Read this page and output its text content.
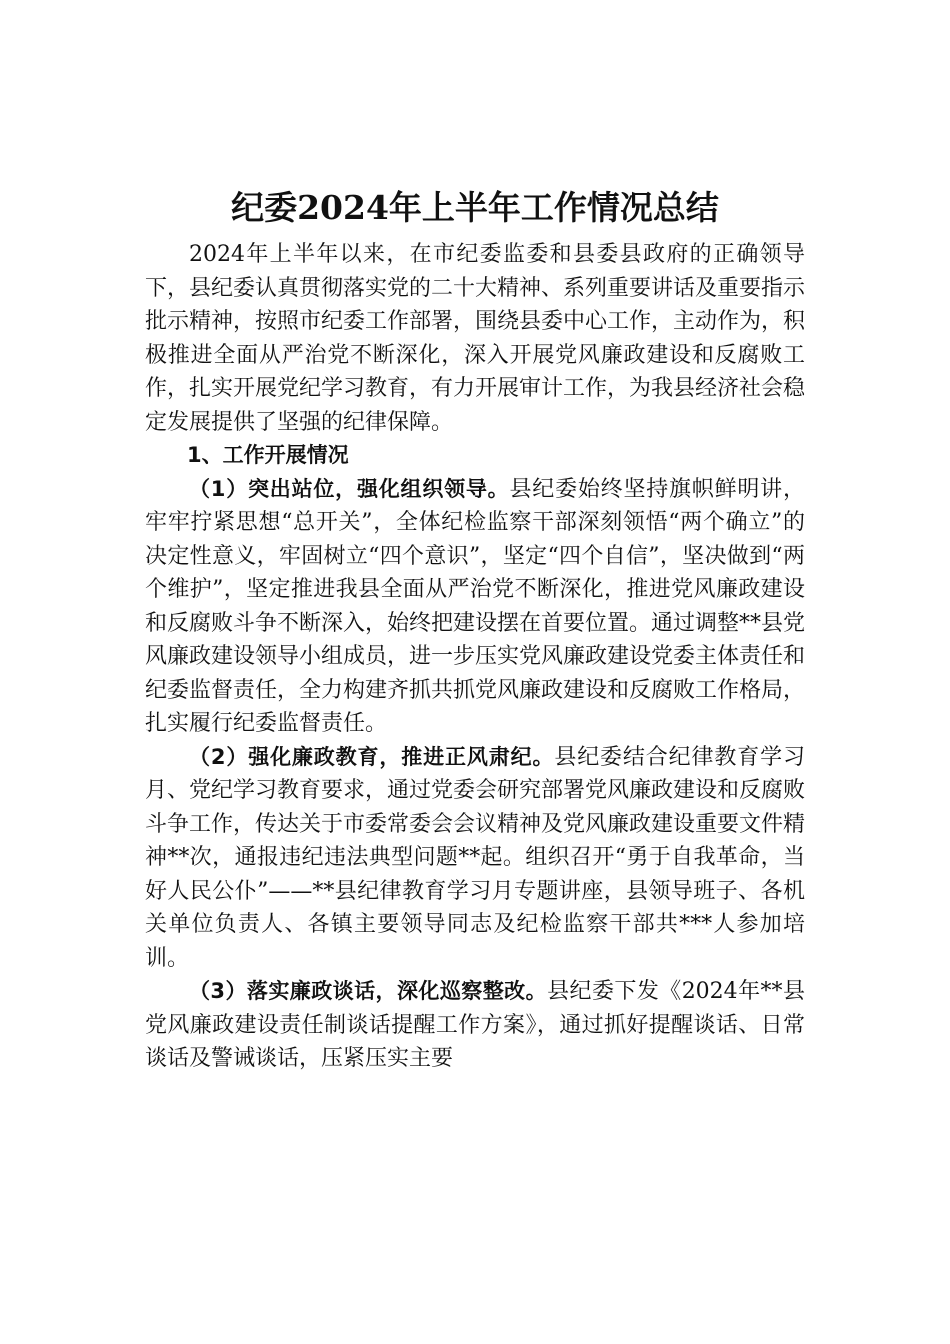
纪委2024年上半年工作情况总结

2024年上半年以来，在市纪委监委和县委县政府的正确领导下，县纪委认真贯彻落实党的二十大精神、系列重要讲话及重要指示批示精神，按照市纪委工作部署，围绕县委中心工作，主动作为，积极推进全面从严治党不断深化，深入开展党风廉政建设和反腐败工作，扎实开展党纪学习教育，有力开展审计工作，为我县经济社会稳定发展提供了坚强的纪律保障。

1、工作开展情况

（1）突出站位，强化组织领导。县纪委始终坚持旗帜鲜明讲，牢牢拧紧思想“总开关”，全体纪检监察干部深刻领悟“两个确立”的决定性意义，牢固树立“四个意识”，坚定“四个自信”，坚决做到“两个维护”，坚定推进我县全面从严治党不断深化，推进党风廉政建设和反腐败斗争不断深入，始终把建设摆在首要位置。通过调整**县党风廉政建设领导小组成员，进一步压实党风廉政建设党委主体责任和纪委监督责任，全力构建齐抓共抓党风廉政建设和反腐败工作格局，扎实履行纪委监督责任。

（2）强化廉政教育，推进正风肃纪。县纪委结合纪律教育学习月、党纪学习教育要求，通过党委会研究部署党风廉政建设和反腐败斗争工作，传达关于市委常委会会议精神及党风廉政建设重要文件精神**次，通报违纪违法典型问题**起。组织召开“勇于自我革命，当好人民公仆”——**县纪律教育学习月专题讲座，县领导班子、各机关单位负责人、各镇主要领导同志及纪检监察干部共***人参加培训。

（3）落实廉政谈话，深化巡察整改。县纪委下发《2024年**县党风廉政建设责任制谈话提醒工作方案》，通过抓好提醒谈话、日常谈话及警诫谈话，压紧压实主要
